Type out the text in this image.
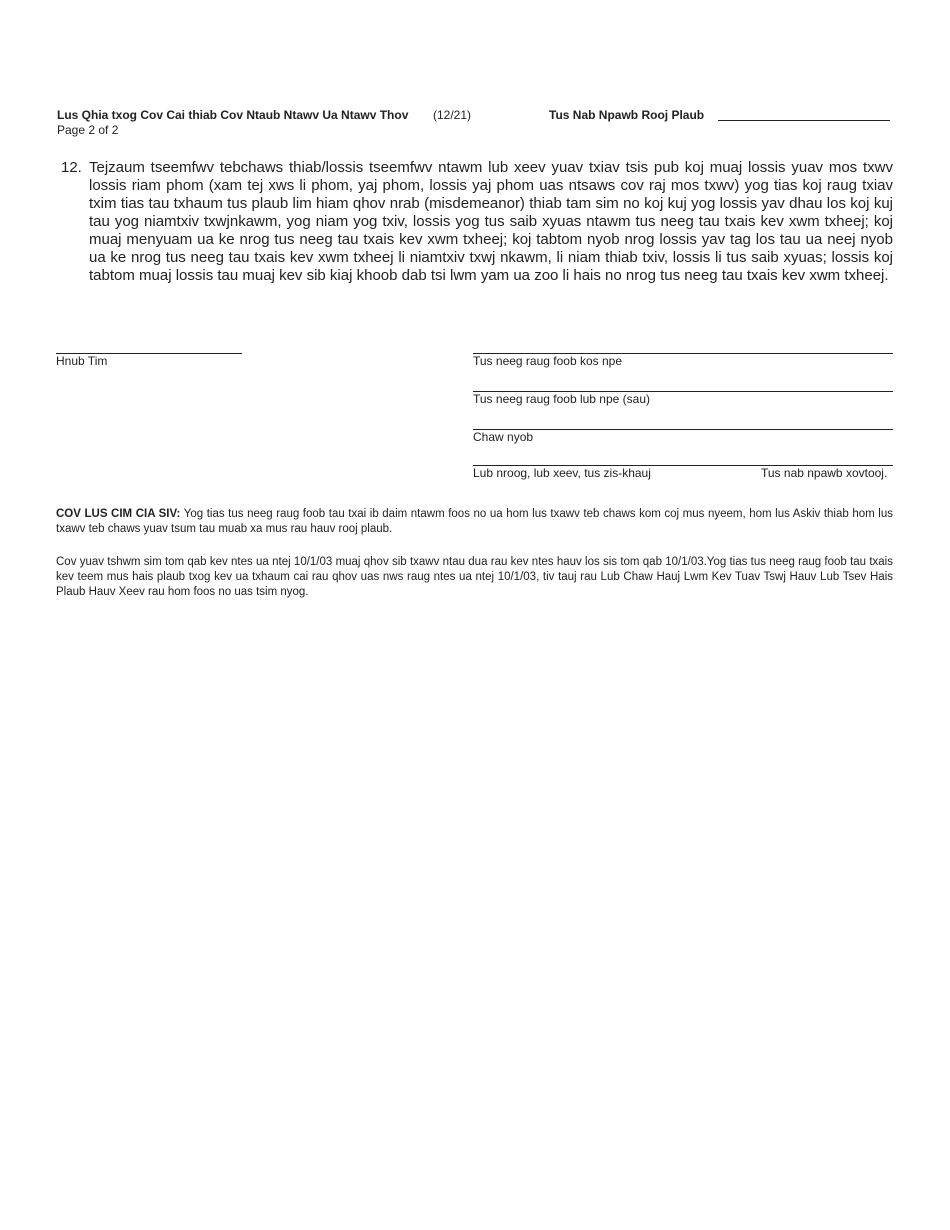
Lus Qhia txog Cov Cai thiab Cov Ntaub Ntawv Ua Ntawv Thov (12/21)
Page 2 of 2
Tus Nab Npawb Rooj Plaub
12. Tejzaum tseemfwv tebchaws thiab/lossis tseemfwv ntawm lub xeev yuav txiav tsis pub koj muaj lossis yuav mos txwv lossis riam phom (xam tej xws li phom, yaj phom, lossis yaj phom uas ntsaws cov raj mos txwv) yog tias koj raug txiav txim tias tau txhaum tus plaub lim hiam qhov nrab (misdemeanor) thiab tam sim no koj kuj yog lossis yav dhau los koj kuj tau yog niamtxiv txwjnkawm, yog niam yog txiv, lossis yog tus saib xyuas ntawm tus neeg tau txais kev xwm txheej; koj muaj menyuam ua ke nrog tus neeg tau txais kev xwm txheej; koj tabtom nyob nrog lossis yav tag los tau ua neej nyob ua ke nrog tus neeg tau txais kev xwm txheej li niamtxiv txwj nkawm, li niam thiab txiv, lossis li tus saib xyuas; lossis koj tabtom muaj lossis tau muaj kev sib kiaj khoob dab tsi lwm yam ua zoo li hais no nrog tus neeg tau txais kev xwm txheej.
Hnub Tim	Tus neeg raug foob kos npe
Tus neeg raug foob lub npe (sau)
Chaw nyob
Lub nroog, lub xeev, tus zis-khauj	Tus nab npawb xovtooj.
COV LUS CIM CIA SIV: Yog tias tus neeg raug foob tau txai ib daim ntawm foos no ua hom lus txawv teb chaws kom coj mus nyeem, hom lus Askiv thiab hom lus txawv teb chaws yuav tsum tau muab xa mus rau hauv rooj plaub.
Cov yuav tshwm sim tom qab kev ntes ua ntej 10/1/03 muaj qhov sib txawv ntau dua rau kev ntes hauv los sis tom qab 10/1/03.Yog tias tus neeg raug foob tau txais kev teem mus hais plaub txog kev ua txhaum cai rau qhov uas nws raug ntes ua ntej 10/1/03, tiv tauj rau Lub Chaw Hauj Lwm Kev Tuav Tswj Hauv Lub Tsev Hais Plaub Hauv Xeev rau hom foos no uas tsim nyog.
